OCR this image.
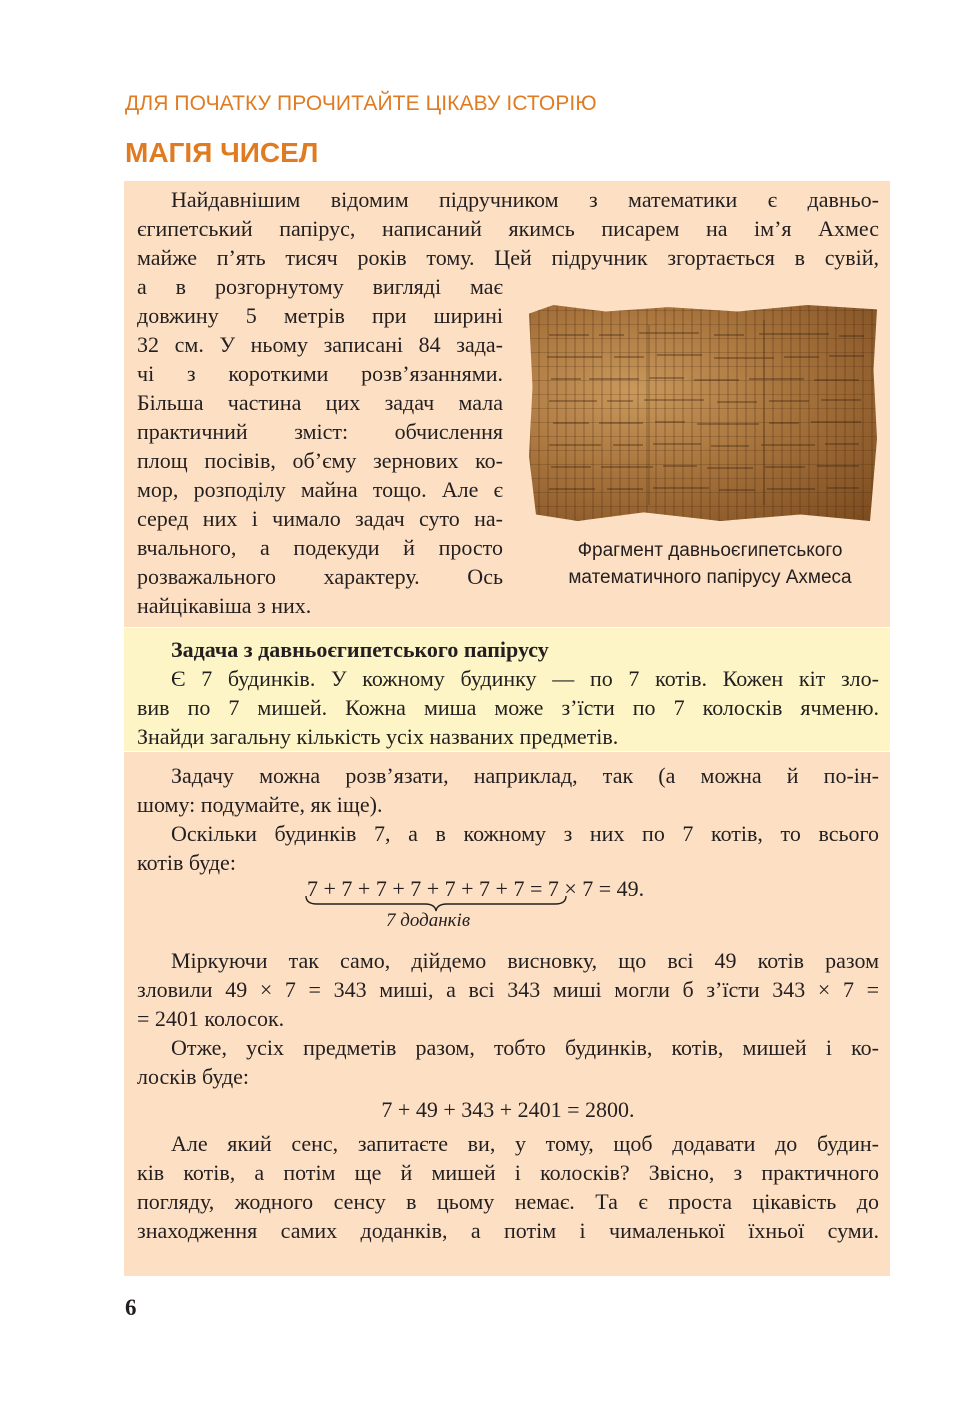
ДЛЯ ПОЧАТКУ ПРОЧИТАЙТЕ ЦІКАВУ ІСТОРІЮ
МАГІЯ ЧИСЕЛ
Найдавнішим відомим підручником з математики є давньо-
єгипетський папірус, написаний якимсь писарем на ім’я Ахмес
майже п’ять тисяч років тому. Цей підручник згортається в сувій,
а в розгорнутому вигляді має
довжину 5 метрів при ширині
32 см. У ньому записані 84 зада-
чі з короткими розв’язаннями.
Більша частина цих задач мала
практичний зміст: обчислення
площ посівів, об’єму зернових ко-
мор, розподілу майна тощо. Але є
серед них і чимало задач суто на-
вчального, а подекуди й просто
розважального характеру. Ось
найцікавіша з них.
Фрагмент давньоєгипетського
математичного папірусу Ахмеса
Задача з давньоєгипетського папірусу
Є 7 будинків. У кожному будинку — по 7 котів. Кожен кіт зло-
вив по 7 мишей. Кожна миша може з’їсти по 7 колосків ячменю.
Знайди загальну кількість усіх названих предметів.
Задачу можна розв’язати, наприклад, так (а можна й по-ін-
шому: подумайте, як іще).
Оскільки будинків 7, а в кожному з них по 7 котів, то всього
котів буде:
7 + 7 + 7 + 7 + 7 + 7 + 7 = 7 × 7 = 49.
7 доданків
Міркуючи так само, дійдемо висновку, що всі 49 котів разом
зловили 49 × 7 = 343 миші, а всі 343 миші могли б з’їсти 343 × 7 =
= 2401 колосок.
Отже, усіх предметів разом, тобто будинків, котів, мишей і ко-
лосків буде:
7 + 49 + 343 + 2401 = 2800.
Але який сенс, запитаєте ви, у тому, щоб додавати до будин-
ків котів, а потім ще й мишей і колосків? Звісно, з практичного
погляду, жодного сенсу в цьому немає. Та є проста цікавість до
знаходження самих доданків, а потім і чималенької їхньої суми.
6
